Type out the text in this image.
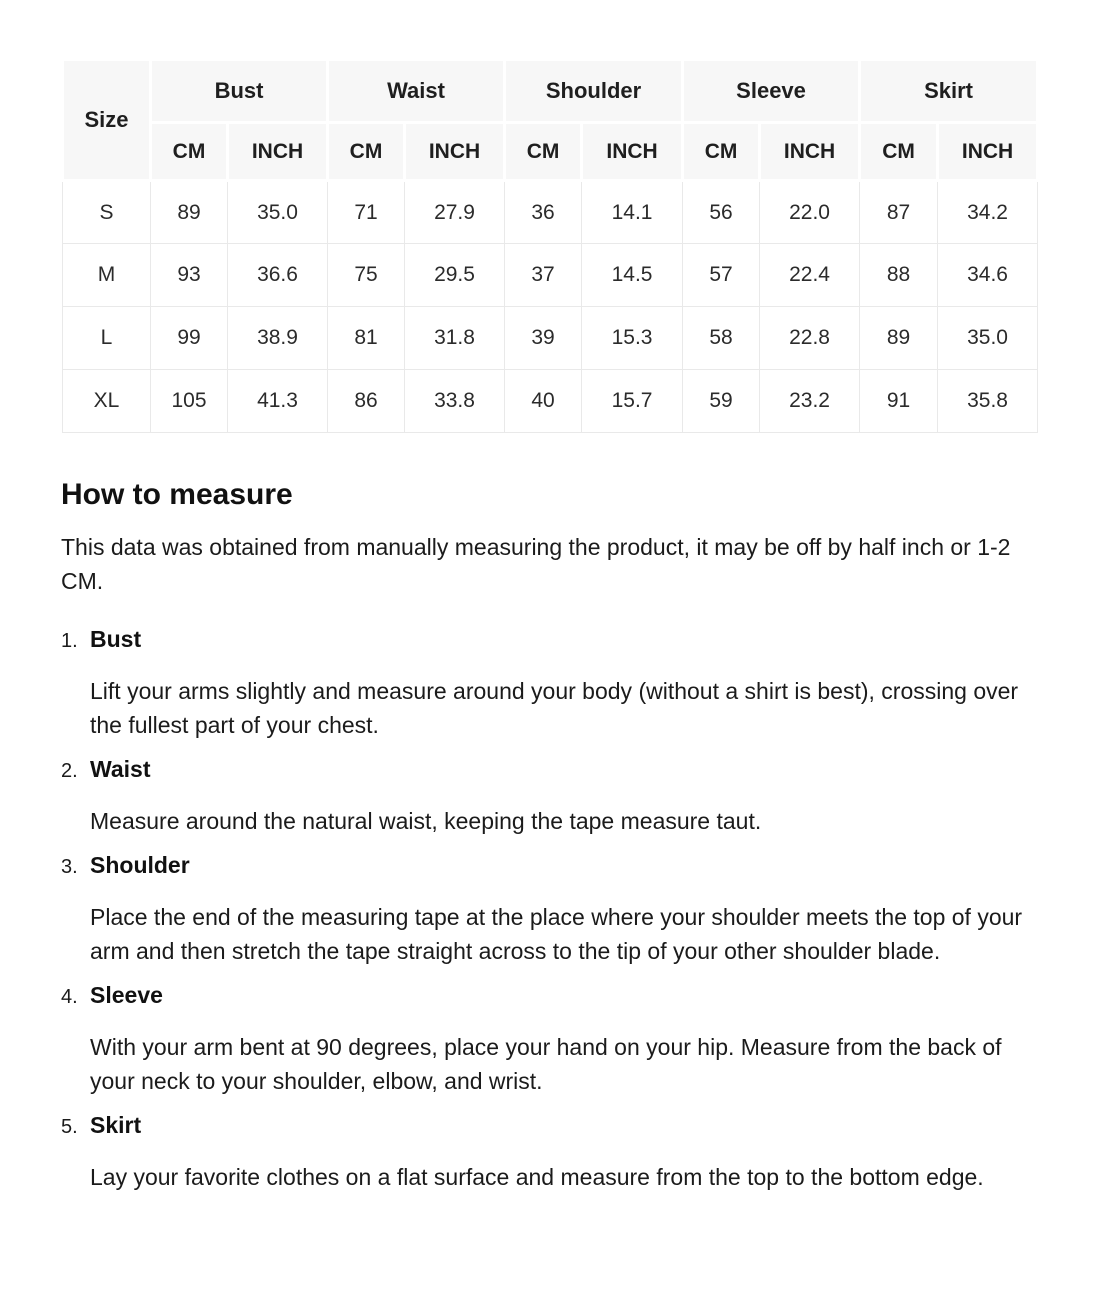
Size	Bust		Waist		Shoulder		Sleeve		Skirt	
	CM	INCH	CM	INCH	CM	INCH	CM	INCH	CM	INCH
S	89	35.0	71	27.9	36	14.1	56	22.0	87	34.2
M	93	36.6	75	29.5	37	14.5	57	22.4	88	34.6
L	99	38.9	81	31.8	39	15.3	58	22.8	89	35.0
XL	105	41.3	86	33.8	40	15.7	59	23.2	91	35.8
How to measure

This data was obtained from manually measuring the product, it may be off by half inch or 1-2 CM.

1. Bust

Lift your arms slightly and measure around your body (without a shirt is best), crossing over the fullest part of your chest.

2. Waist

Measure around the natural waist, keeping the tape measure taut.

3. Shoulder

Place the end of the measuring tape at the place where your shoulder meets the top of your arm and then stretch the tape straight across to the tip of your other shoulder blade.

4. Sleeve

With your arm bent at 90 degrees, place your hand on your hip. Measure from the back of your neck to your shoulder, elbow, and wrist.

5. Skirt

Lay your favorite clothes on a flat surface and measure from the top to the bottom edge.
